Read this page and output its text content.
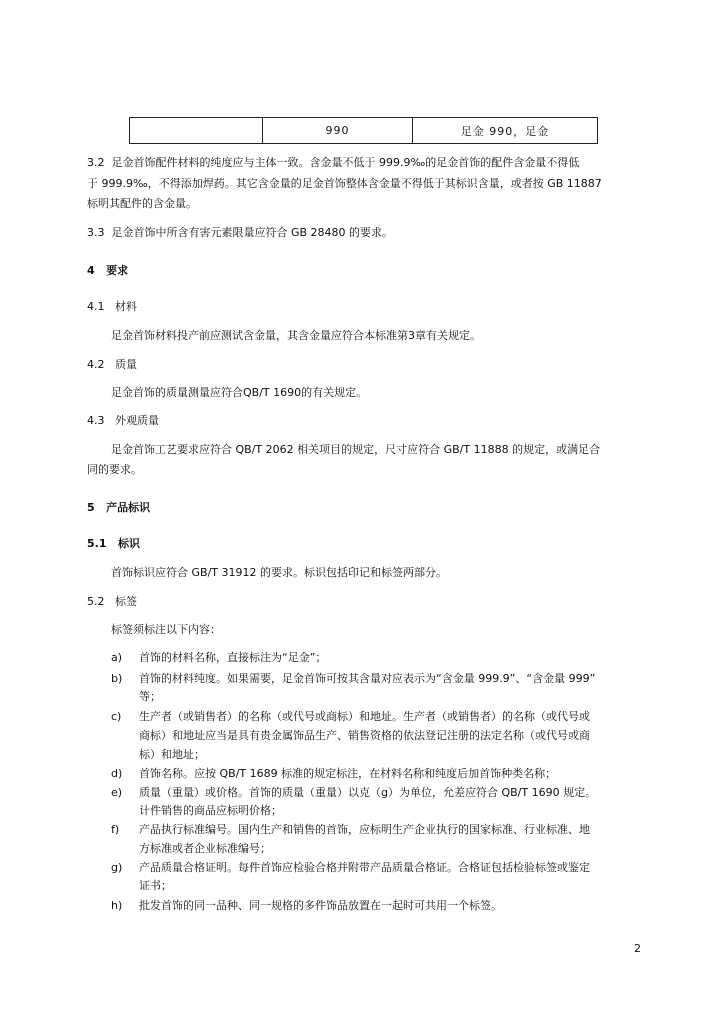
	990	足金 990，足金
3.2 足金首饰配件材料的纯度应与主体一致。含金量不低于 999.9‰的足金首饰的配件含金量不得低
于 999.9‰，不得添加焊药。其它含金量的足金首饰整体含金量不得低于其标识含量，或者按 GB 11887
标明其配件的含金量。
3.3 足金首饰中所含有害元素限量应符合 GB 28480 的要求。
4 要求
4.1 材料
足金首饰材料投产前应测试含金量，其含金量应符合本标准第3章有关规定。
4.2 质量
足金首饰的质量测量应符合QB/T 1690的有关规定。
4.3 外观质量
足金首饰工艺要求应符合 QB/T 2062 相关项目的规定，尺寸应符合 GB/T 11888 的规定，或满足合
同的要求。
5 产品标识
5.1 标识
首饰标识应符合 GB/T 31912 的要求。标识包括印记和标签两部分。
5.2 标签
标签须标注以下内容：
a)	首饰的材料名称，直接标注为“足金”；
b)	首饰的材料纯度。如果需要，足金首饰可按其含量对应表示为“含金量 999.9”、“含金量 999”
等；
c)	生产者（或销售者）的名称（或代号或商标）和地址。生产者（或销售者）的名称（或代号或
商标）和地址应当是具有贵金属饰品生产、销售资格的依法登记注册的法定名称（或代号或商
标）和地址；
d)	首饰名称。应按 QB/T 1689 标准的规定标注，在材料名称和纯度后加首饰种类名称；
e)	质量（重量）或价格。首饰的质量（重量）以克（g）为单位，允差应符合 QB/T 1690 规定。
计件销售的商品应标明价格；
f)	产品执行标准编号。国内生产和销售的首饰，应标明生产企业执行的国家标准、行业标准、地
方标准或者企业标准编号；
g)	产品质量合格证明。每件首饰应检验合格并附带产品质量合格证。合格证包括检验标签或鉴定
证书；
h)	批发首饰的同一品种、同一规格的多件饰品放置在一起时可共用一个标签。
2
